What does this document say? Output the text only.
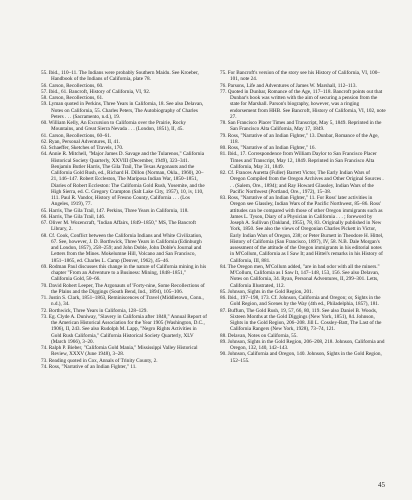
55. Ibid., 110–11. The Indians were probably Southern Maidu. See Kroeber, Handbook of the Indians of California, plate 78.

56. Carson, Recollections, 60.

57. Ibid., 61. Bancroft, History of California, VI, 92.

58. Carson, Recollections, 61.

59. Lyman quoted in Perkins, Three Years in California, 18. See also Delavan, Notes on California, 55. Charles Peters, The Autobiography of Charles Peters . . . (Sacramento, n.d.), 19.

60. William Kelly, An Excursion to California over the Prairie, Rocky Mountains, and Great Sierra Nevada . . . (London, 1851), II, 45.

61. Carson, Recollections, 60–61.

62. Ryan, Personal Adventures, II, 41.

63. Schaeffer, Sketches of Travels, 170.

64. Annie R. Mitchell, "Major James D. Savage and the Tularenos," California Historical Society Quarterly, XXVIII (December, 1949), 323–341. Benjamin Butler Harris, The Gila Trail, The Texas Argonauts and the California Gold Rush, ed., Richard H. Dillon (Norman, Okla., 1960), 20–21, 146–147. Robert Eccleston, The Mariposa Indian War, 1850–1851, Diaries of Robert Eccleston: The California Gold Rush, Yosemite, and the High Sierra, ed. C. Gregory Crampton (Salt Lake City, 1957), 10, iv, 110, 111. Paul R. Vandor, History of Fresno County, California . . . (Los Angeles, 1919), 77.

65. Harris, The Gila Trail, 147. Perkins, Three Years in California, 118.

66. Harris, The Gila Trail, 146.

67. Oliver M. Wozencraft, "Indian Affairs, 1849–1850," MS, The Bancroft Library, 2.

68. Cf. Cook, Conflict between the California Indians and White Civilization, 67. See, however, J. D. Borthwick, Three Years in California (Edinburgh and London, 1857), 258–259; and John Doble, John Doble's Journal and Letters from the Mines. Mokelumne Hill, Volcano and San Francisco, 1851–1865, ed. Charles L. Camp (Denver, 1962), 45–46.

69. Rodman Paul discusses this change in the nature of California mining in his chapter "From an Adventure to a Business: Mining, 1848–1851," California Gold, 50–66.

70. David Robert Leeper, The Argonauts of 'Forty-nine, Some Recollections of the Plains and the Diggings (South Bend, Ind., 1894), 105–106.

71. Justin S. Clark, 1851–1863, Reminiscences of Travel (Middletown, Conn., n.d.), 34.

72. Borthwick, Three Years in California, 128–129.

73. Eg. Clyde A. Duniway, "Slavery in California after 1848," Annual Report of the American Historical Association for the Year 1905 (Washington, D.C., 1906), II, 243. See also Rudolph M. Lapp, "Negro Rights Activities in Gold Rush California," California Historical Society Quarterly, XLV (March 1966), 3–20.

74. Ralph P. Bieber, "California Gold Mania," Mississippi Valley Historical Review, XXXV (June 1948), 3–28.

73. Reading quoted in Cox, Annals of Trinity County, 2.

74. Ross, "Narrative of an Indian Fighter," 11.

75. For Bancroft's version of the story see his History of California, VI, 100–101, note 24.

76. Parsons, Life and Adventures of James W. Marshall, 112–113.

77. Quoted in Dunbar, Romance of the Age, 117–118. Bancroft points out that Dunbar's book was written with the aim of securing a pension from the state for Marshall. Parson's biography, however, was a ringing endorsement from HHB. See Bancroft, History of California, VI, 102, note 27.

78. San Francisco Placer Times and Transcript, May 5, 1849. Reprinted in the San Francisco Alta California, May 17, 1849.

79. Ross, "Narrative of an Indian Fighter," 13. Dunbar, Romance of the Age, 118.

80. Ross, "Narrative of an Indian Fighter," 16.

81. Ibid., 17. Correspondence from William Daylor to San Francisco Placer Times and Transcript, May 12, 1849. Reprinted in San Francisco Alta California, May 31, 1849.

82. Cf. Frances Auretta (Fuller) Barrett Victor, The Early Indian Wars of Oregon Compiled from the Oregon Archives and Other Original Sources . . . (Salem, Ore., 1894); and Ray Howard Glassley, Indian Wars of the Pacific Northwest (Portland, Ore., 1972), 15–38.

83. Ross, "Narrative of an Indian Fighter," 11. For Ross' later activities in Oregon see Glassley, Indian Wars of the Pacific Northwest, 85–86. Ross' attitudes can be compared with those of other Oregon immigrants such as James L. Tyson, Diary of a Physician in California . . . ; foreword by Joseph A. Sullivan (Oakland, 1955), 78, 83. Originally published in New York, 1850. See also the views of Oregonian Charles Pickett in Victor, Early Indian Wars of Oregon, 238; or Peter Burnett in Theodore H. Hittel, History of California (San Francisco, 1897), IV, 58. N.B. Dale Morgan's assessment of the attitude of the Oregon immigrants in his editorial notes in M'Collum, California as I Saw It; and Hittel's remarks in his History of California, III, 881.

84. The Oregon men, M'Collum added, "are in bad odor with all the miners." M'Collum, California as I Saw It, 147–148, 153, 156. See also Delavan, Notes on California, 34. Ryan, Personal Adventures, II, 299–301. Letts, California Illustrated, 112.

85. Johnson, Sights in the Gold Region, 201.

86. Ibid., 197–198, 173. Cf. Johnson, California and Oregon; or, Sights in the Gold Region, and Scenes by the Way (4th ed., Philadelphia, 1857), 181.

87. Buffum, The Gold Rush, 19, 57, 66, 80, 119. See also Daniel B. Woods, Sixteen Months at the Gold Diggings (New York, 1851), 84. Johnson, Sights in the Gold Region, 206–208. Jill L. Cossley-Batt, The Last of the California Rangers (New York, 1928), 73–74, 121.

88. Delavan, Notes on California, 55.

89. Johnson, Sights in the Gold Region, 206–208, 218. Johnson, California and Oregon, 132, 140, 142–143.

90. Johnson, California and Oregon, 140. Johnson, Sights in the Gold Region, 152–155.

45
